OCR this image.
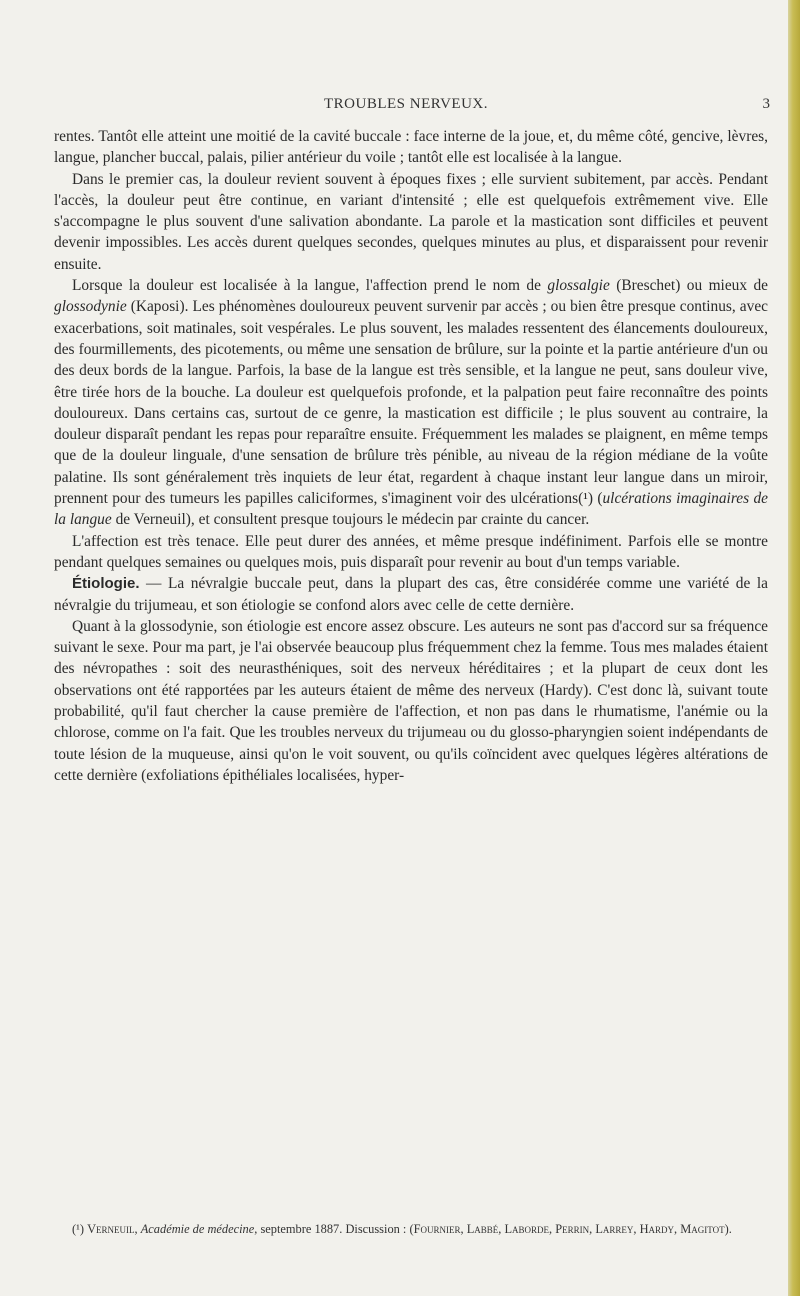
TROUBLES NERVEUX.	3

rentes. Tantôt elle atteint une moitié de la cavité buccale : face interne de la joue, et, du même côté, gencive, lèvres, langue, plancher buccal, palais, pilier antérieur du voile ; tantôt elle est localisée à la langue.

Dans le premier cas, la douleur revient souvent à époques fixes ; elle survient subitement, par accès. Pendant l'accès, la douleur peut être continue, en variant d'intensité ; elle est quelquefois extrêmement vive. Elle s'accompagne le plus souvent d'une salivation abondante. La parole et la mastication sont difficiles et peuvent devenir impossibles. Les accès durent quelques secondes, quelques minutes au plus, et disparaissent pour revenir ensuite.

Lorsque la douleur est localisée à la langue, l'affection prend le nom de glossalgie (Breschet) ou mieux de glossodynie (Kaposi). Les phénomènes douloureux peuvent survenir par accès ; ou bien être presque continus, avec exacerbations, soit matinales, soit vespérales. Le plus souvent, les malades ressentent des élancements douloureux, des fourmillements, des picotements, ou même une sensation de brûlure, sur la pointe et la partie antérieure d'un ou des deux bords de la langue. Parfois, la base de la langue est très sensible, et la langue ne peut, sans douleur vive, être tirée hors de la bouche. La douleur est quelquefois profonde, et la palpation peut faire reconnaître des points douloureux. Dans certains cas, surtout de ce genre, la mastication est difficile ; le plus souvent au contraire, la douleur disparaît pendant les repas pour reparaître ensuite. Fréquemment les malades se plaignent, en même temps que de la douleur linguale, d'une sensation de brûlure très pénible, au niveau de la région médiane de la voûte palatine. Ils sont généralement très inquiets de leur état, regardent à chaque instant leur langue dans un miroir, prennent pour des tumeurs les papilles caliciformes, s'imaginent voir des ulcérations(¹) (ulcérations imaginaires de la langue de Verneuil), et consultent presque toujours le médecin par crainte du cancer.

L'affection est très tenace. Elle peut durer des années, et même presque indéfiniment. Parfois elle se montre pendant quelques semaines ou quelques mois, puis disparaît pour revenir au bout d'un temps variable.

Étiologie. — La névralgie buccale peut, dans la plupart des cas, être considérée comme une variété de la névralgie du trijumeau, et son étiologie se confond alors avec celle de cette dernière.

Quant à la glossodynie, son étiologie est encore assez obscure. Les auteurs ne sont pas d'accord sur sa fréquence suivant le sexe. Pour ma part, je l'ai observée beaucoup plus fréquemment chez la femme. Tous mes malades étaient des névropathes : soit des neurasthéniques, soit des nerveux héréditaires ; et la plupart de ceux dont les observations ont été rapportées par les auteurs étaient de même des nerveux (Hardy). C'est donc là, suivant toute probabilité, qu'il faut chercher la cause première de l'affection, et non pas dans le rhumatisme, l'anémie ou la chlorose, comme on l'a fait. Que les troubles nerveux du trijumeau ou du glosso-pharyngien soient indépendants de toute lésion de la muqueuse, ainsi qu'on le voit souvent, ou qu'ils coïncident avec quelques légères altérations de cette dernière (exfoliations épithéliales localisées, hyper-

(¹) Verneuil, Académie de médecine, septembre 1887. Discussion : (Fournier, Labbé, Laborde, Perrin, Larrey, Hardy, Magitot).
